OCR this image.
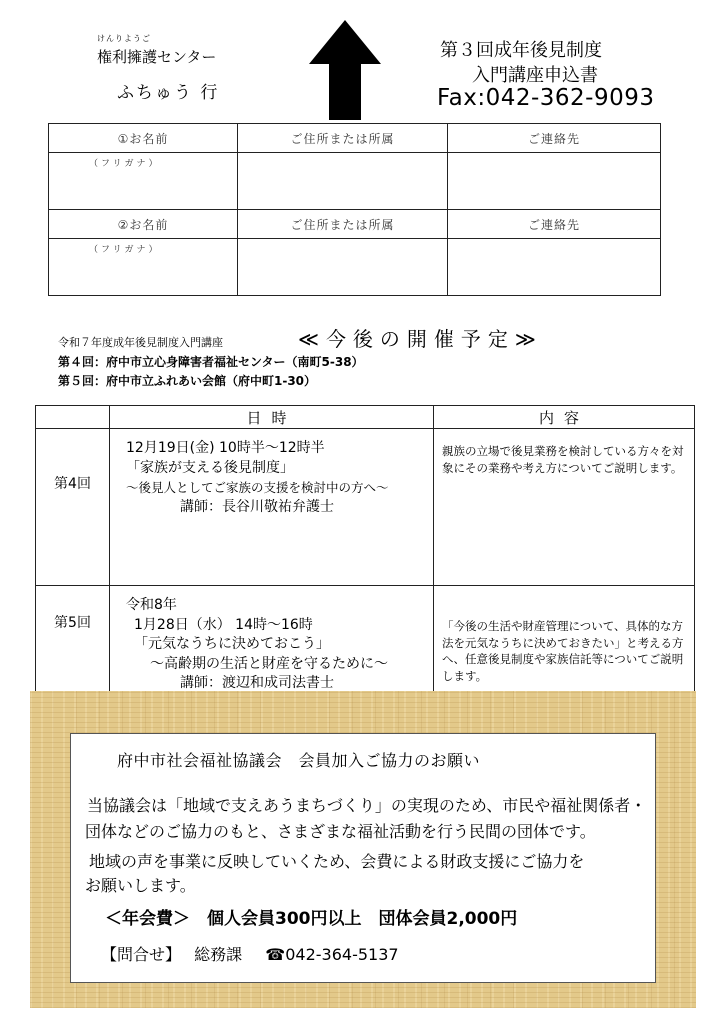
けんりようご
権利擁護センター
ふちゅう 行
第３回成年後見制度
入門講座申込書
Fax:042-362-9093
①お名前	ご住所または所属	ご連絡先

（フリガナ）		

②お名前	ご住所または所属	ご連絡先

（フリガナ）		

令和７年度成年後見制度入門講座	≪今後の開催予定≫
第４回：府中市立心身障害者福祉センター（南町5-38）
第５回：府中市立ふれあい会館（府中町1-30）
	日時	内容
第4回	12月19日(金) 10時半～12時半
「家族が支える後見制度」
～後見人としてご家族の支援を検討中の方へ～
講師：長谷川敬祐弁護士	親族の立場で後見業務を検討している方々を対象にその業務や考え方についてご説明します。
第5回	令和8年
1月28日（水） 14時～16時
「元気なうちに決めておこう」
～高齢期の生活と財産を守るために～
講師：渡辺和成司法書士	「今後の生活や財産管理について、具体的な方法を元気なうちに決めておきたい」と考える方へ、任意後見制度や家族信託等についてご説明します。
府中市社会福祉協議会　会員加入ご協力のお願い
当協議会は「地域で支えあうまちづくり」の実現のため、市民や福祉関係者・
団体などのご協力のもと、さまざまな福祉活動を行う民間の団体です。
地域の声を事業に反映していくため、会費による財政支援にご協力を
お願いします。
＜年会費＞　個人会員300円以上　団体会員2,000円
【問合せ】 総務課 ☎042-364-5137
